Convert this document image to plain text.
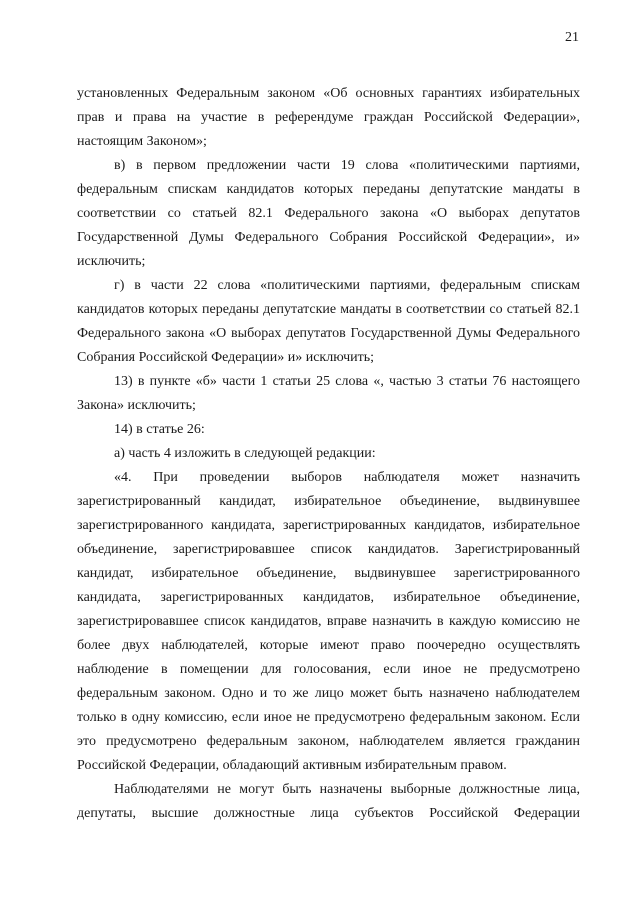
21

установленных Федеральным законом «Об основных гарантиях избирательных прав и права на участие в референдуме граждан Российской Федерации», настоящим Законом»;

в) в первом предложении части 19 слова «политическими партиями, федеральным спискам кандидатов которых переданы депутатские мандаты в соответствии со статьей 82.1 Федерального закона «О выборах депутатов Государственной Думы Федерального Собрания Российской Федерации», и» исключить;

г) в части 22 слова «политическими партиями, федеральным спискам кандидатов которых переданы депутатские мандаты в соответствии со статьей 82.1 Федерального закона «О выборах депутатов Государственной Думы Федерального Собрания Российской Федерации» и» исключить;

13) в пункте «б» части 1 статьи 25 слова «, частью 3 статьи 76 настоящего Закона» исключить;

14) в статье 26:

а) часть 4 изложить в следующей редакции:

«4. При проведении выборов наблюдателя может назначить зарегистрированный кандидат, избирательное объединение, выдвинувшее зарегистрированного кандидата, зарегистрированных кандидатов, избирательное объединение, зарегистрировавшее список кандидатов. Зарегистрированный кандидат, избирательное объединение, выдвинувшее зарегистрированного кандидата, зарегистрированных кандидатов, избирательное объединение, зарегистрировавшее список кандидатов, вправе назначить в каждую комиссию не более двух наблюдателей, которые имеют право поочередно осуществлять наблюдение в помещении для голосования, если иное не предусмотрено федеральным законом. Одно и то же лицо может быть назначено наблюдателем только в одну комиссию, если иное не предусмотрено федеральным законом. Если это предусмотрено федеральным законом, наблюдателем является гражданин Российской Федерации, обладающий активным избирательным правом.

Наблюдателями не могут быть назначены выборные должностные лица, депутаты, высшие должностные лица субъектов Российской Федерации
